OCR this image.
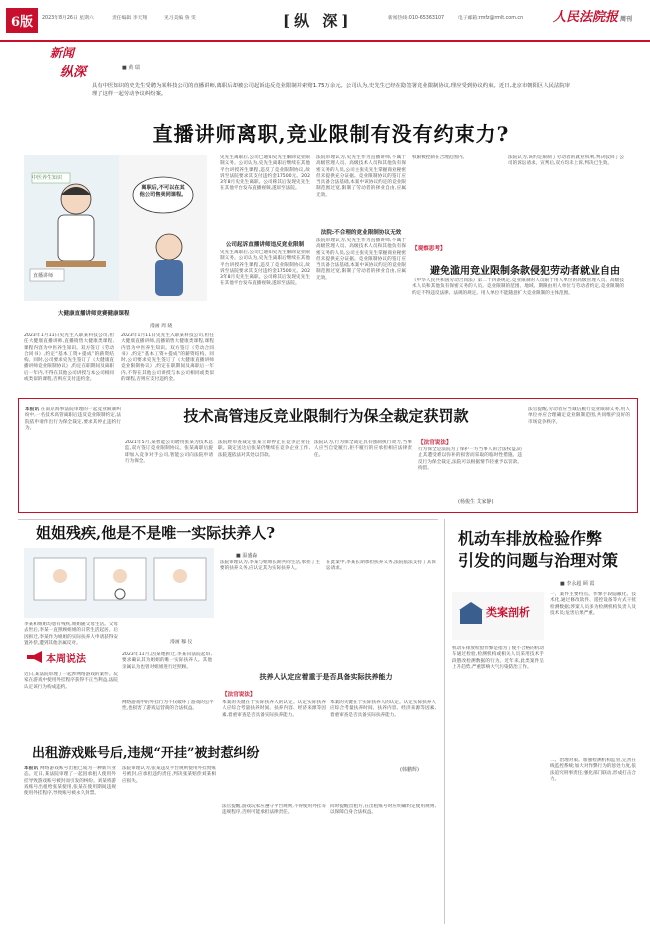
6版	2023年8月26日 星期六	责任编辑 李天翔	见习美编 鲁 雯	[纵 深]	新闻热线:010-65363107	电子邮箱:rmfz@rmlt.com.cn 人民法院报 周刊
新闻
纵深	■ 黄 瑞
具有中医知识的史先生受聘为某科技公司的直播讲师,离职后却被公司起诉违反竞业限制并索赔1.75万余元。公司认为,史先生已经在隐签署竞业限制协议,理应受到协议约束。近日,北京市朝阳区人民法院审理了这样一起劳动争议纠纷案。
直播讲师离职,竞业限制有没有约束力?
中医养生知识
直播讲师
离职后,不可以在其他公司售卖同课程。
大健康直播讲师竞赛健康课程
漫画 周 晓
2023年1月11日史先生入职某科技公司,担任大健康直播讲师,直播销售大健康类课程,课程内容为中医养生知识。双方签订《劳动合同书》,约定“基本工资+提成”的薪资结构。同时,公司要求史先生签订了《大健康直播讲师竞业限制协议》,约定在职期间及离职后一年内,不得在其他公司讲授与本公司相同或类似的课程,否则应支付违约金。
2023年1月11日史先生入职某科技公司,担任大健康直播讲师,直播销售大健康类课程,课程内容为中医养生知识。双方签订《劳动合同书》,约定“基本工资+提成”的薪资结构。同时,公司要求史先生签订了《大健康直播讲师竞业限制协议》,约定在职期间及离职后一年内,不得在其他公司讲授与本公司相同或类似的课程,否则应支付违约金。
史先生离职后,公司已通知史先生解除竞业限制义务。公司认为,史先生离职后继续在其他平台讲授养生课程,违反了竞业限制协议,故诉至法院要求其支付违约金17500元。2023年8月史先生离职。公司称其后发现史先生在其他平台发布直播视频,遂诉至法院。
公司起诉直播讲师违反竞业限制
史先生离职后,公司已通知史先生解除竞业限制义务。公司认为,史先生离职后继续在其他平台讲授养生课程,违反了竞业限制协议,故诉至法院要求其支付违约金17500元。2023年8月史先生离职。公司称其后发现史先生在其他平台发布直播视频,遂诉至法院。
法院审理认为,史先生作为直播讲师,不属于高级管理人员、高级技术人员和其他负有保密义务的人员,公司主张史先生掌握商业秘密但未提供充分证据。竞业限制协议的签订应当具备合法基础,本案中该协议约定的竞业限制范围过宽,限制了劳动者的择业自由,应属无效。
法院:不合理的竞业限制协议无效
法院审理认为,史先生作为直播讲师,不属于高级管理人员、高级技术人员和其他负有保密义务的人员,公司主张史先生掌握商业秘密但未提供充分证据。竞业限制协议的签订应当具备合法基础,本案中该协议约定的竞业限制范围过宽,限制了劳动者的择业自由,应属无效。
权限被控制在合理范围内。
【观察思考】
避免滥用竞业限制条款侵犯劳动者就业自由
《中华人民共和国劳动合同法》第二十四条规定,竞业限制的人员限于用人单位的高级管理人员、高级技术人员和其他负有保密义务的人员。竞业限制的范围、地域、期限由用人单位与劳动者约定,竞业限制的约定不得违反法律、法规的规定。用人单位不能随意扩大竞业限制的主体范围。
法院认为,该约定限制了劳动者的就业权利,判决驳回了公司的诉讼请求。宣判后,双方均未上诉,判决已生效。
技术高管违反竞业限制行为保全裁定获罚款
本报讯 在南京海事法院审理的一起竞业限制纠纷中,一名技术高管离职后违反竞业限制约定,法院依申请作出行为保全裁定,要求其停止违约行为。
2021年5月,某智能公司聘用张某为技术总监,双方签订竞业限制协议。张某离职后旋即加入竞争对手公司,智能公司向法院申请行为保全。
法院经审查裁定张某立即停止在竞争企业任职。裁定送达后张某仍继续在竞争企业工作,法院遂依法对其处以罚款。
法院认为,行为保全裁定具有强制执行效力,当事人应当自觉履行,拒不履行的应承担相应法律责任。
【法官说法】
行为保全是法院为了保护一方当事人的合法权益,防止其遭受难以弥补的损害而采取的临时性措施。违反行为保全裁定,法院可以根据情节轻重予以罚款、拘留。
(杨俊生 艾家静)
法官提醒,劳动者应当诚信履行竞业限制义务,用人单位亦应合理确定竞业限制范围,共同维护良好的市场竞争秩序。
姐姐残疾,他是不是唯一实际扶养人?
■ 温盛淼
李某和姐姐均患有残疾,姐姐随父母生活。父母去世后,李某一直照顾姐姐的日常生活起居。后因拆迁,李某作为姐姐的实际扶养人申请获得安置补偿,遭到其他亲属反对。	漫画 穆 仪
2023年11月,因某地拆迁,李某向法院起诉,要求确认其为姐姐的唯一实际扶养人。其他亲属认为也曾对姐姐进行过照顾。
法院审理认为,李某与姐姐长期共同生活,承担了主要的扶养义务,应认定其为实际扶养人。
在此案中,李某长期承担扶养义务,法院依法支持了其诉讼请求。
扶养人认定应着重于是否具备实际扶养能力
【法官说法】
本案的关键在于实际扶养人的认定。认定实际扶养人应综合考量扶养时间、扶养内容、经济来源等因素,着重审查是否具备实际扶养能力。
本案的关键在于实际扶养人的认定。认定实际扶养人应综合考量扶养时间、扶养内容、经济来源等因素,着重审查是否具备实际扶养能力。
(韩鹏辉)
机动车排放检验作弊
引发的问题与治理对策
■ 李永超 顾 霞
类案剖析
机动车排放检验作弊是指为了使不合格的机动车通过检验,检测机构或相关人员采用技术手段篡改检测数据的行为。近年来,此类案件呈上升趋势,严重影响大气污染防治工作。
一、案件主要特点。作弊手段隐蔽化、技术化,通过修改软件、遥控设备等方式干扰检测数据;涉案人员多为检测机构负责人及技术员;危害后果严重。
二、治理对策。加强检测机构监管,完善在线监控系统;加大对作弊行为的惩处力度,依法追究刑事责任;强化部门联动,形成打击合力。
本周说法
近日,某法院审理了一起涉网络游戏的案件。玩家在游戏中使用外挂程序获得不正当利益,法院认定该行为构成违约。
网络游戏中的外挂行为不仅破坏了游戏的公平性,也损害了游戏运营商的合法权益。
出租游戏账号后,违规“开挂”被封惹纠纷
本报讯 网络游戏账号出租已成为一种新兴业态。近日,某法院审理了一起因承租人使用外挂导致游戏账号被封而引发的纠纷。刘某将游戏账号出租给张某使用,张某在使用期间违规使用外挂程序,导致账号被永久封禁。
法院审理认为,张某违反平台规则使用外挂致账号被封,应承担违约责任,判决张某赔偿刘某相应损失。
法官提醒,游戏玩家应遵守平台规则,不得使用外挂等违规程序,否则可能承担法律责任。
同时提醒出租方,在出租账号时应明确约定使用规则,以保障自身合法权益。
